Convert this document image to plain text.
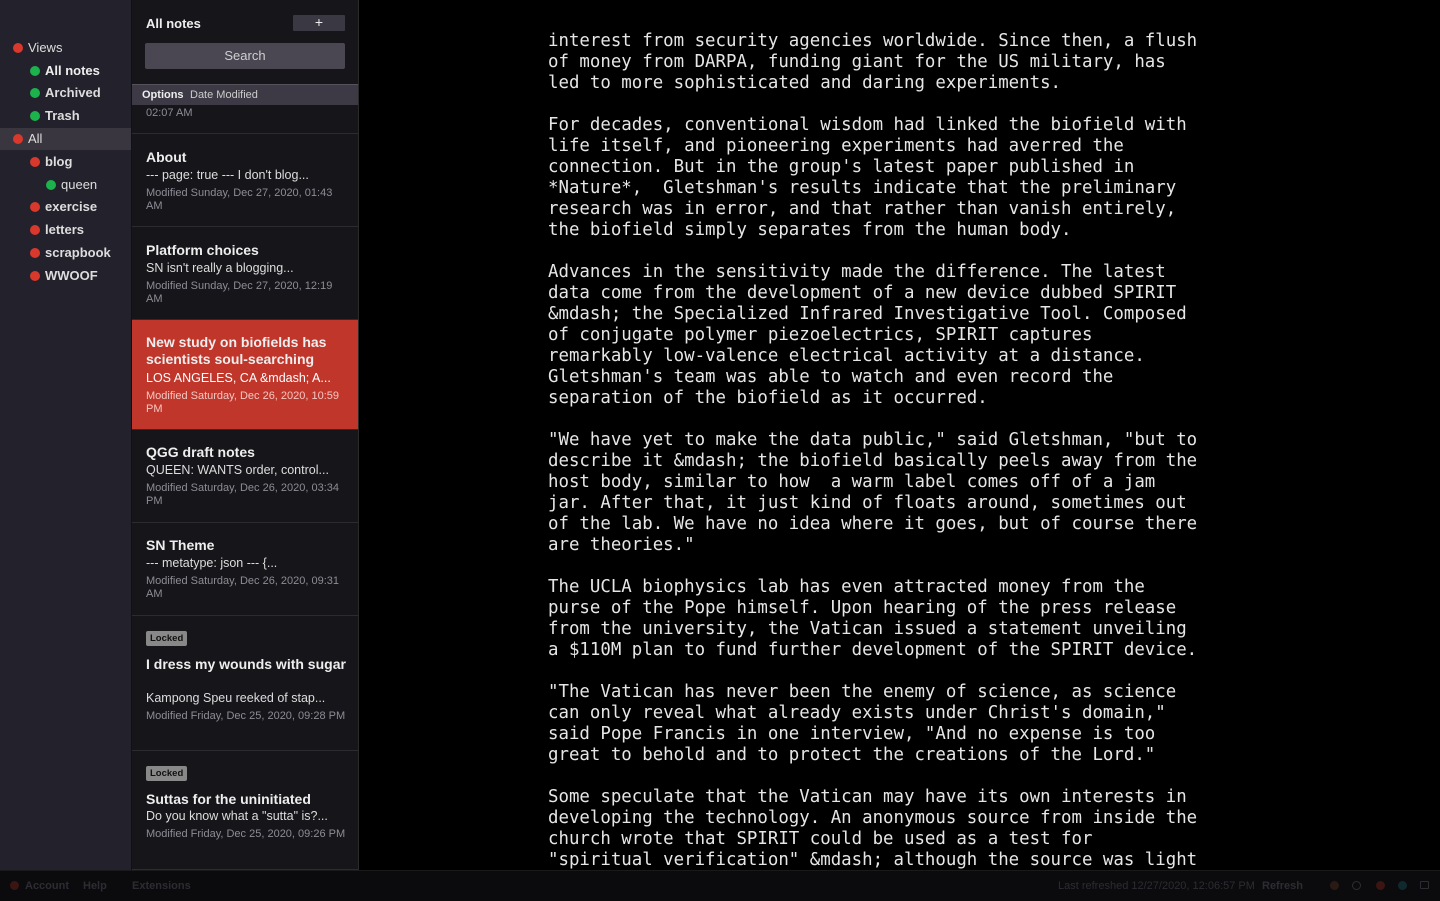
Views
All notes
Archived
Trash
All
blog
queen
exercise
letters
scrapbook
WWOOF
All notes	+
Search
Options Date Modified
02:07 AM
About
--- page: true --- I don't blog...
Modified Sunday, Dec 27, 2020, 01:43 AM
Platform choices
SN isn't really a blogging...
Modified Sunday, Dec 27, 2020, 12:19 AM
New study on biofields has scientists soul-searching
LOS ANGELES, CA &mdash; A...
Modified Saturday, Dec 26, 2020, 10:59 PM
QGG draft notes
QUEEN: WANTS order, control...
Modified Saturday, Dec 26, 2020, 03:34 PM
SN Theme
--- metatype: json --- {...
Modified Saturday, Dec 26, 2020, 09:31 AM
Locked
I dress my wounds with sugar
Kampong Speu reeked of stap...
Modified Friday, Dec 25, 2020, 09:28 PM
Locked
Suttas for the uninitiated
Do you know what a "sutta" is?...
Modified Friday, Dec 25, 2020, 09:26 PM
interest from security agencies worldwide. Since then, a flush
of money from DARPA, funding giant for the US military, has
led to more sophisticated and daring experiments.

For decades, conventional wisdom had linked the biofield with
life itself, and pioneering experiments had averred the
connection. But in the group's latest paper published in
*Nature*,  Gletshman's results indicate that the preliminary
research was in error, and that rather than vanish entirely,
the biofield simply separates from the human body.

Advances in the sensitivity made the difference. The latest
data come from the development of a new device dubbed SPIRIT
&mdash; the Specialized Infrared Investigative Tool. Composed
of conjugate polymer piezoelectrics, SPIRIT captures
remarkably low-valence electrical activity at a distance.
Gletshman's team was able to watch and even record the
separation of the biofield as it occurred.

"We have yet to make the data public," said Gletshman, "but to
describe it &mdash; the biofield basically peels away from the
host body, similar to how  a warm label comes off of a jam
jar. After that, it just kind of floats around, sometimes out
of the lab. We have no idea where it goes, but of course there
are theories."

The UCLA biophysics lab has even attracted money from the
purse of the Pope himself. Upon hearing of the press release
from the university, the Vatican issued a statement unveiling
a $110M plan to fund further development of the SPIRIT device.

"The Vatican has never been the enemy of science, as science
can only reveal what already exists under Christ's domain,"
said Pope Francis in one interview, "And no expense is too
great to behold and to protect the creations of the Lord."

Some speculate that the Vatican may have its own interests in
developing the technology. An anonymous source from inside the
church wrote that SPIRIT could be used as a test for
"spiritual verification" &mdash; although the source was light
Account Help Extensions	Last refreshed 12/27/2020, 12:06:57 PM Refresh
